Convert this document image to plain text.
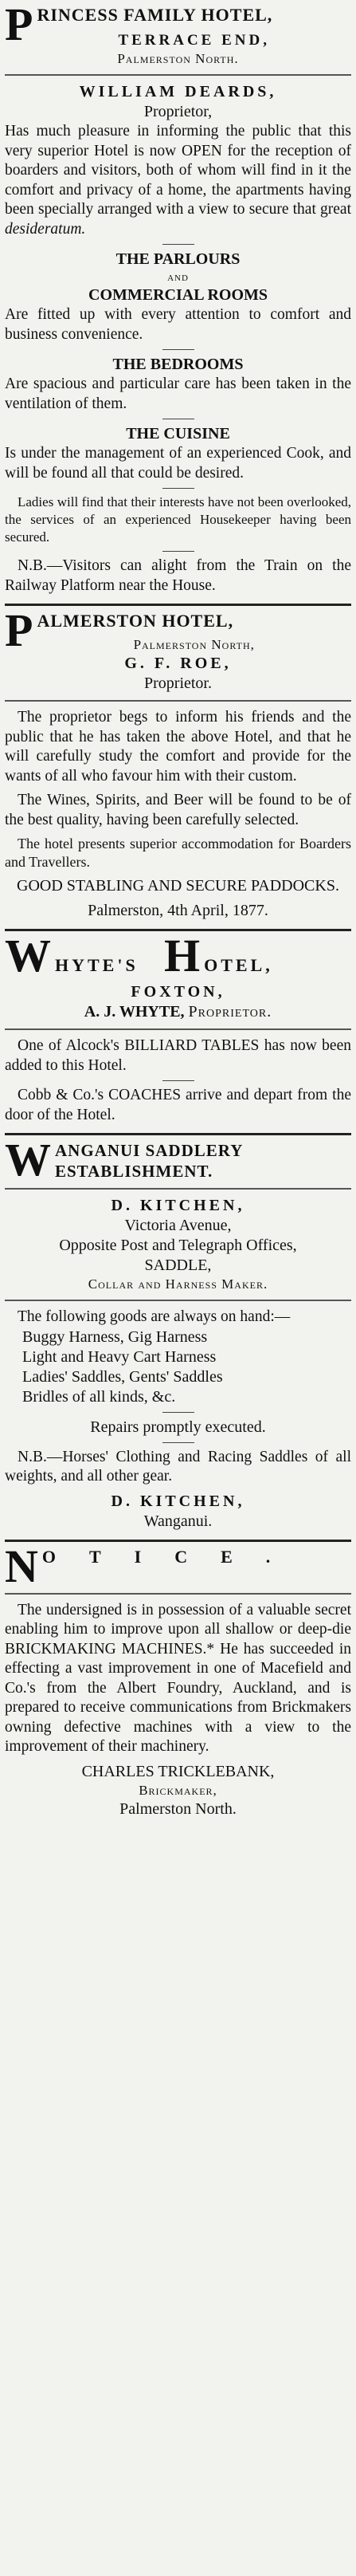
P RINCESS FAMILY HOTEL,
TERRACE END,
Palmerston North.
WILLIAM DEARDS,
Proprietor,

Has much pleasure in informing the public that this very superior Hotel is now OPEN for the reception of boarders and visitors, both of whom will find in it the comfort and privacy of a home, the apartments having been specially arranged with a view to secure that great desideratum.

THE PARLOURS
and
COMMERCIAL ROOMS

Are fitted up with every attention to comfort and business convenience.

THE BEDROOMS

Are spacious and particular care has been taken in the ventilation of them.

THE CUISINE

Is under the management of an experienced Cook, and will be found all that could be desired.

Ladies will find that their interests have not been overlooked, the services of an experienced Housekeeper having been secured.

N.B.—Visitors can alight from the Train on the Railway Platform near the House.

P ALMERSTON HOTEL,
Palmerston North,
G. F. ROE,
Proprietor.

The proprietor begs to inform his friends and the public that he has taken the above Hotel, and that he will carefully study the comfort and provide for the wants of all who favour him with their custom.

The Wines, Spirits, and Beer will be found to be of the best quality, having been carefully selected.

The hotel presents superior accommodation for Boarders and Travellers.

GOOD STABLING AND SECURE PADDOCKS.

Palmerston, 4th April, 1877.

W HYTE'S H OTEL,
FOXTON,
A. J. WHYTE, Proprietor.

One of Alcock's BILLIARD TABLES has now been added to this Hotel.

Cobb & Co.'s COACHES arrive and depart from the door of the Hotel.

W ANGANUI SADDLERY
ESTABLISHMENT.
D. KITCHEN,
Victoria Avenue,
Opposite Post and Telegraph Offices,
SADDLE,
Collar and Harness Maker.

The following goods are always on hand:—

Buggy Harness, Gig Harness
Light and Heavy Cart Harness
Ladies' Saddles, Gents' Saddles
Bridles of all kinds, &c.
Repairs promptly executed.

N.B.—Horses' Clothing and Racing Saddles of all weights, and all other gear.

D. KITCHEN,
Wanganui.
N OTICE.

The undersigned is in possession of a valuable secret enabling him to improve upon all shallow or deep-die BRICKMAKING MACHINES.* He has succeeded in effecting a vast improvement in one of Macefield and Co.'s from the Albert Foundry, Auckland, and is prepared to receive communications from Brickmakers owning defective machines with a view to the improvement of their machinery.

CHARLES TRICKLEBANK,
Brickmaker,
Palmerston North.
